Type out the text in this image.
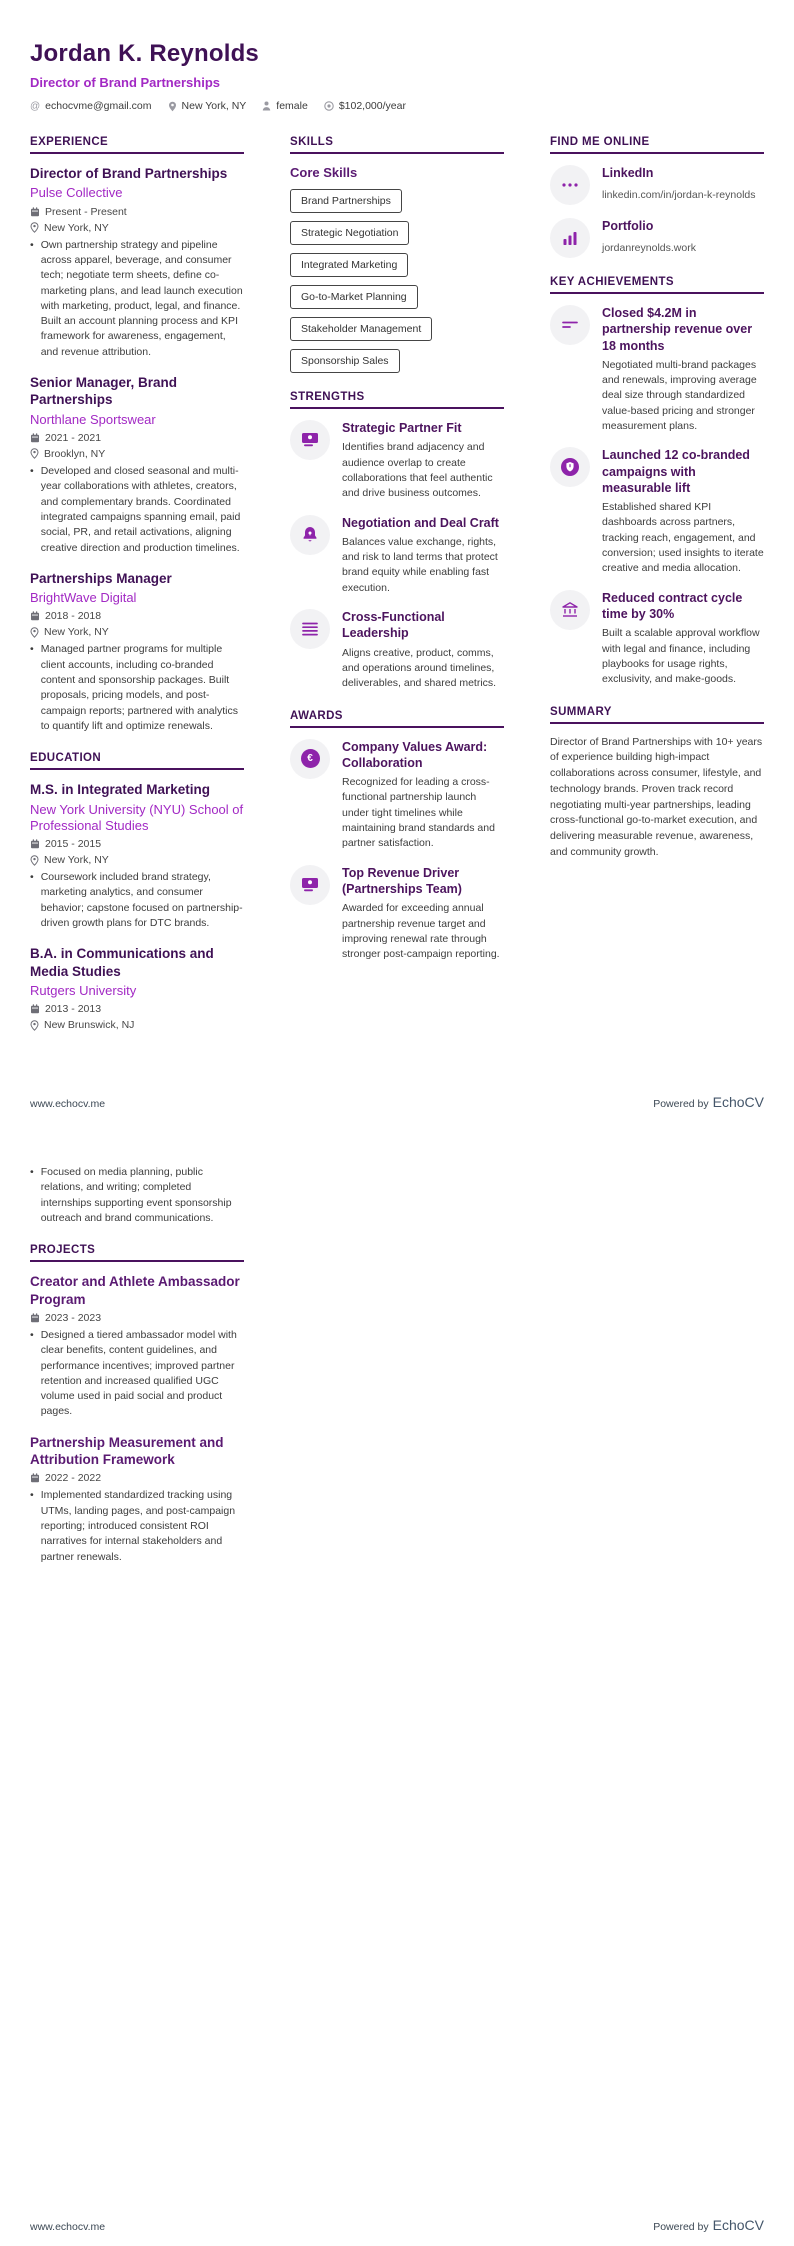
Jordan K. Reynolds
Director of Brand Partnerships
@ echocvme@gmail.com	New York, NY	female	$102,000/year
EXPERIENCE
Director of Brand Partnerships
Pulse Collective
Present - Present
New York, NY
• Own partnership strategy and pipeline across apparel, beverage, and consumer tech; negotiate term sheets, define co-marketing plans, and lead launch execution with marketing, product, legal, and finance. Built an account planning process and KPI framework for awareness, engagement, and revenue attribution.
Senior Manager, Brand Partnerships
Northlane Sportswear
2021 - 2021
Brooklyn, NY
• Developed and closed seasonal and multi-year collaborations with athletes, creators, and complementary brands. Coordinated integrated campaigns spanning email, paid social, PR, and retail activations, aligning creative direction and production timelines.
Partnerships Manager
BrightWave Digital
2018 - 2018
New York, NY
• Managed partner programs for multiple client accounts, including co-branded content and sponsorship packages. Built proposals, pricing models, and post-campaign reports; partnered with analytics to quantify lift and optimize renewals.
EDUCATION
M.S. in Integrated Marketing
New York University (NYU) School of Professional Studies
2015 - 2015
New York, NY
• Coursework included brand strategy, marketing analytics, and consumer behavior; capstone focused on partnership-driven growth plans for DTC brands.
B.A. in Communications and Media Studies
Rutgers University
2013 - 2013
New Brunswick, NJ
SKILLS
Core Skills
Brand Partnerships
Strategic Negotiation
Integrated Marketing
Go-to-Market Planning
Stakeholder Management
Sponsorship Sales
STRENGTHS
Strategic Partner Fit
Identifies brand adjacency and audience overlap to create collaborations that feel authentic and drive business outcomes.
Negotiation and Deal Craft
Balances value exchange, rights, and risk to land terms that protect brand equity while enabling fast execution.
Cross-Functional Leadership
Aligns creative, product, comms, and operations around timelines, deliverables, and shared metrics.
AWARDS
€
Company Values Award: Collaboration
Recognized for leading a cross-functional partnership launch under tight timelines while maintaining brand standards and partner satisfaction.
Top Revenue Driver (Partnerships Team)
Awarded for exceeding annual partnership revenue target and improving renewal rate through stronger post-campaign reporting.
FIND ME ONLINE
LinkedIn
linkedin.com/in/jordan-k-reynolds
Portfolio
jordanreynolds.work
KEY ACHIEVEMENTS
Closed $4.2M in partnership revenue over 18 months
Negotiated multi-brand packages and renewals, improving average deal size through standardized value-based pricing and stronger measurement plans.
Launched 12 co-branded campaigns with measurable lift
Established shared KPI dashboards across partners, tracking reach, engagement, and conversion; used insights to iterate creative and media allocation.
Reduced contract cycle time by 30%
Built a scalable approval workflow with legal and finance, including playbooks for usage rights, exclusivity, and make-goods.
SUMMARY
Director of Brand Partnerships with 10+ years of experience building high-impact collaborations across consumer, lifestyle, and technology brands. Proven track record negotiating multi-year partnerships, leading cross-functional go-to-market execution, and delivering measurable revenue, awareness, and community growth.
www.echocv.me	Powered by EchoCV
• Focused on media planning, public relations, and writing; completed internships supporting event sponsorship outreach and brand communications.
PROJECTS
Creator and Athlete Ambassador Program
2023 - 2023
• Designed a tiered ambassador model with clear benefits, content guidelines, and performance incentives; improved partner retention and increased qualified UGC volume used in paid social and product pages.
Partnership Measurement and Attribution Framework
2022 - 2022
• Implemented standardized tracking using UTMs, landing pages, and post-campaign reporting; introduced consistent ROI narratives for internal stakeholders and partner renewals.
www.echocv.me	Powered by EchoCV
